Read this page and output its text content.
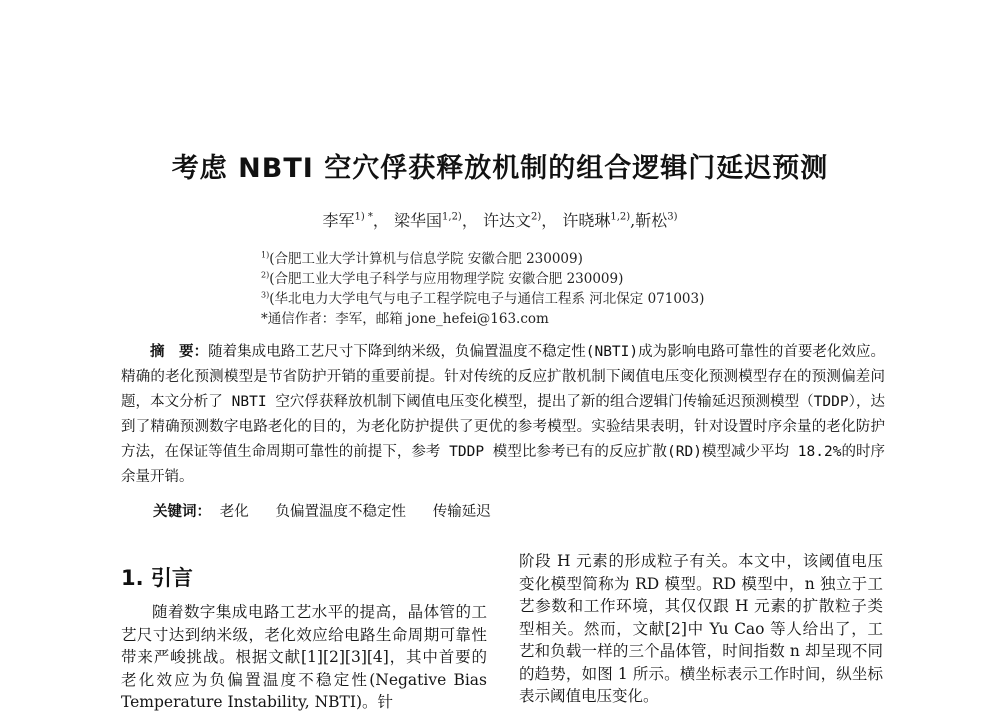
考虑 NBTI 空穴俘获释放机制的组合逻辑门延迟预测
李军$^{1) *}$， 梁华国$^{1,2)}$， 许达文$^{2)}$， 许晓琳$^{1,2)}$,靳松$^{3)}$
$^{1)}$(合肥工业大学计算机与信息学院 安徽合肥 230009)
$^{2)}$(合肥工业大学电子科学与应用物理学院 安徽合肥 230009)
$^{3)}$(华北电力大学电气与电子工程学院电子与通信工程系 河北保定 071003)
*通信作者：李军，邮箱 jone_hefei@163.com
摘　要：随着集成电路工艺尺寸下降到纳米级，负偏置温度不稳定性(NBTI)成为影响电路可靠性的首要老化效应。精确的老化预测模型是节省防护开销的重要前提。针对传统的反应扩散机制下阈值电压变化预测模型存在的预测偏差问题，本文分析了 NBTI 空穴俘获释放机制下阈值电压变化模型，提出了新的组合逻辑门传输延迟预测模型（TDDP），达到了精确预测数字电路老化的目的，为老化防护提供了更优的参考模型。实验结果表明，针对设置时序余量的老化防护方法，在保证等值生命周期可靠性的前提下，参考 TDDP 模型比参考已有的反应扩散(RD)模型减少平均 18.2%的时序余量开销。
关键词： 老化 负偏置温度不稳定性 传输延迟
1. 引言
随着数字集成电路工艺水平的提高，晶体管的工艺尺寸达到纳米级，老化效应给电路生命周期可靠性带来严峻挑战。根据文献[1][2][3][4]，其中首要的老化效应为负偏置温度不稳定性(Negative Bias Temperature Instability, NBTI)。针
阶段 H 元素的形成粒子有关。本文中，该阈值电压变化模型简称为 RD 模型。RD 模型中，n 独立于工艺参数和工作环境，其仅仅跟 H 元素的扩散粒子类型相关。然而，文献[2]中 Yu Cao 等人给出了，工艺和负载一样的三个晶体管，时间指数 n 却呈现不同的趋势，如图 1 所示。横坐标表示工作时间，纵坐标表示阈值电压变化。
